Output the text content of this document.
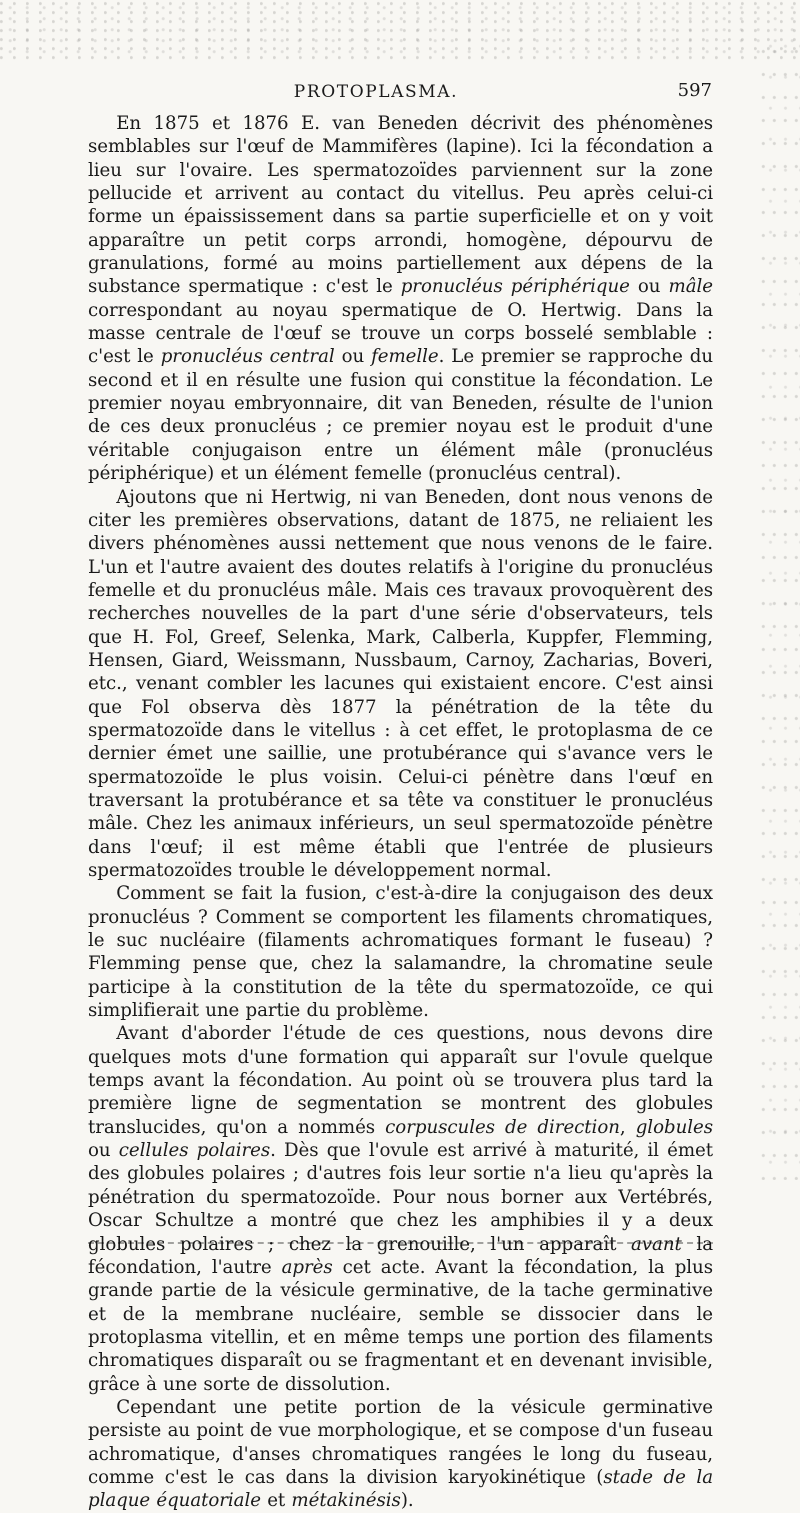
PROTOPLASMA.	597

En 1875 et 1876 E. van Beneden décrivit des phénomènes semblables sur l'œuf de Mammifères (lapine). Ici la fécondation a lieu sur l'ovaire. Les spermatozoïdes parviennent sur la zone pellucide et arrivent au contact du vitellus. Peu après celui-ci forme un épaississement dans sa partie superficielle et on y voit apparaître un petit corps arrondi, homogène, dépourvu de granulations, formé au moins partiellement aux dépens de la substance spermatique : c'est le pronucléus périphérique ou mâle correspondant au noyau spermatique de O. Hertwig. Dans la masse centrale de l'œuf se trouve un corps bosselé semblable : c'est le pronucléus central ou femelle. Le premier se rapproche du second et il en résulte une fusion qui constitue la fécondation. Le premier noyau embryonnaire, dit van Beneden, résulte de l'union de ces deux pronucléus ; ce premier noyau est le produit d'une véritable conjugaison entre un élément mâle (pronucléus périphérique) et un élément femelle (pronucléus central).

Ajoutons que ni Hertwig, ni van Beneden, dont nous venons de citer les premières observations, datant de 1875, ne reliaient les divers phénomènes aussi nettement que nous venons de le faire. L'un et l'autre avaient des doutes relatifs à l'origine du pronucléus femelle et du pronucléus mâle. Mais ces travaux provoquèrent des recherches nouvelles de la part d'une série d'observateurs, tels que H. Fol, Greef, Selenka, Mark, Calberla, Kuppfer, Flemming, Hensen, Giard, Weissmann, Nussbaum, Carnoy, Zacharias, Boveri, etc., venant combler les lacunes qui existaient encore. C'est ainsi que Fol observa dès 1877 la pénétration de la tête du spermatozoïde dans le vitellus : à cet effet, le protoplasma de ce dernier émet une saillie, une protubérance qui s'avance vers le spermatozoïde le plus voisin. Celui-ci pénètre dans l'œuf en traversant la protubérance et sa tête va constituer le pronucléus mâle. Chez les animaux inférieurs, un seul spermatozoïde pénètre dans l'œuf; il est même établi que l'entrée de plusieurs spermatozoïdes trouble le développement normal.

Comment se fait la fusion, c'est-à-dire la conjugaison des deux pronucléus ? Comment se comportent les filaments chromatiques, le suc nucléaire (filaments achromatiques formant le fuseau) ? Flemming pense que, chez la salamandre, la chromatine seule participe à la constitution de la tête du spermatozoïde, ce qui simplifierait une partie du problème.

Avant d'aborder l'étude de ces questions, nous devons dire quelques mots d'une formation qui apparaît sur l'ovule quelque temps avant la fécondation. Au point où se trouvera plus tard la première ligne de segmentation se montrent des globules translucides, qu'on a nommés corpuscules de direction, globules ou cellules polaires. Dès que l'ovule est arrivé à maturité, il émet des globules polaires ; d'autres fois leur sortie n'a lieu qu'après la pénétration du spermatozoïde. Pour nous borner aux Vertébrés, Oscar Schultze a montré que chez les amphibies il y a deux globules polaires ; chez la grenouille, l'un apparaît avant la fécondation, l'autre après cet acte. Avant la fécondation, la plus grande partie de la vésicule germinative, de la tache germinative et de la membrane nucléaire, semble se dissocier dans le protoplasma vitellin, et en même temps une portion des filaments chromatiques disparaît ou se fragmentant et en devenant invisible, grâce à une sorte de dissolution.

Cependant une petite portion de la vésicule germinative persiste au point de vue morphologique, et se compose d'un fuseau achromatique, d'anses chromatiques rangées le long du fuseau, comme c'est le cas dans la division karyokinétique (stade de la plaque équatoriale et métakinésis).
